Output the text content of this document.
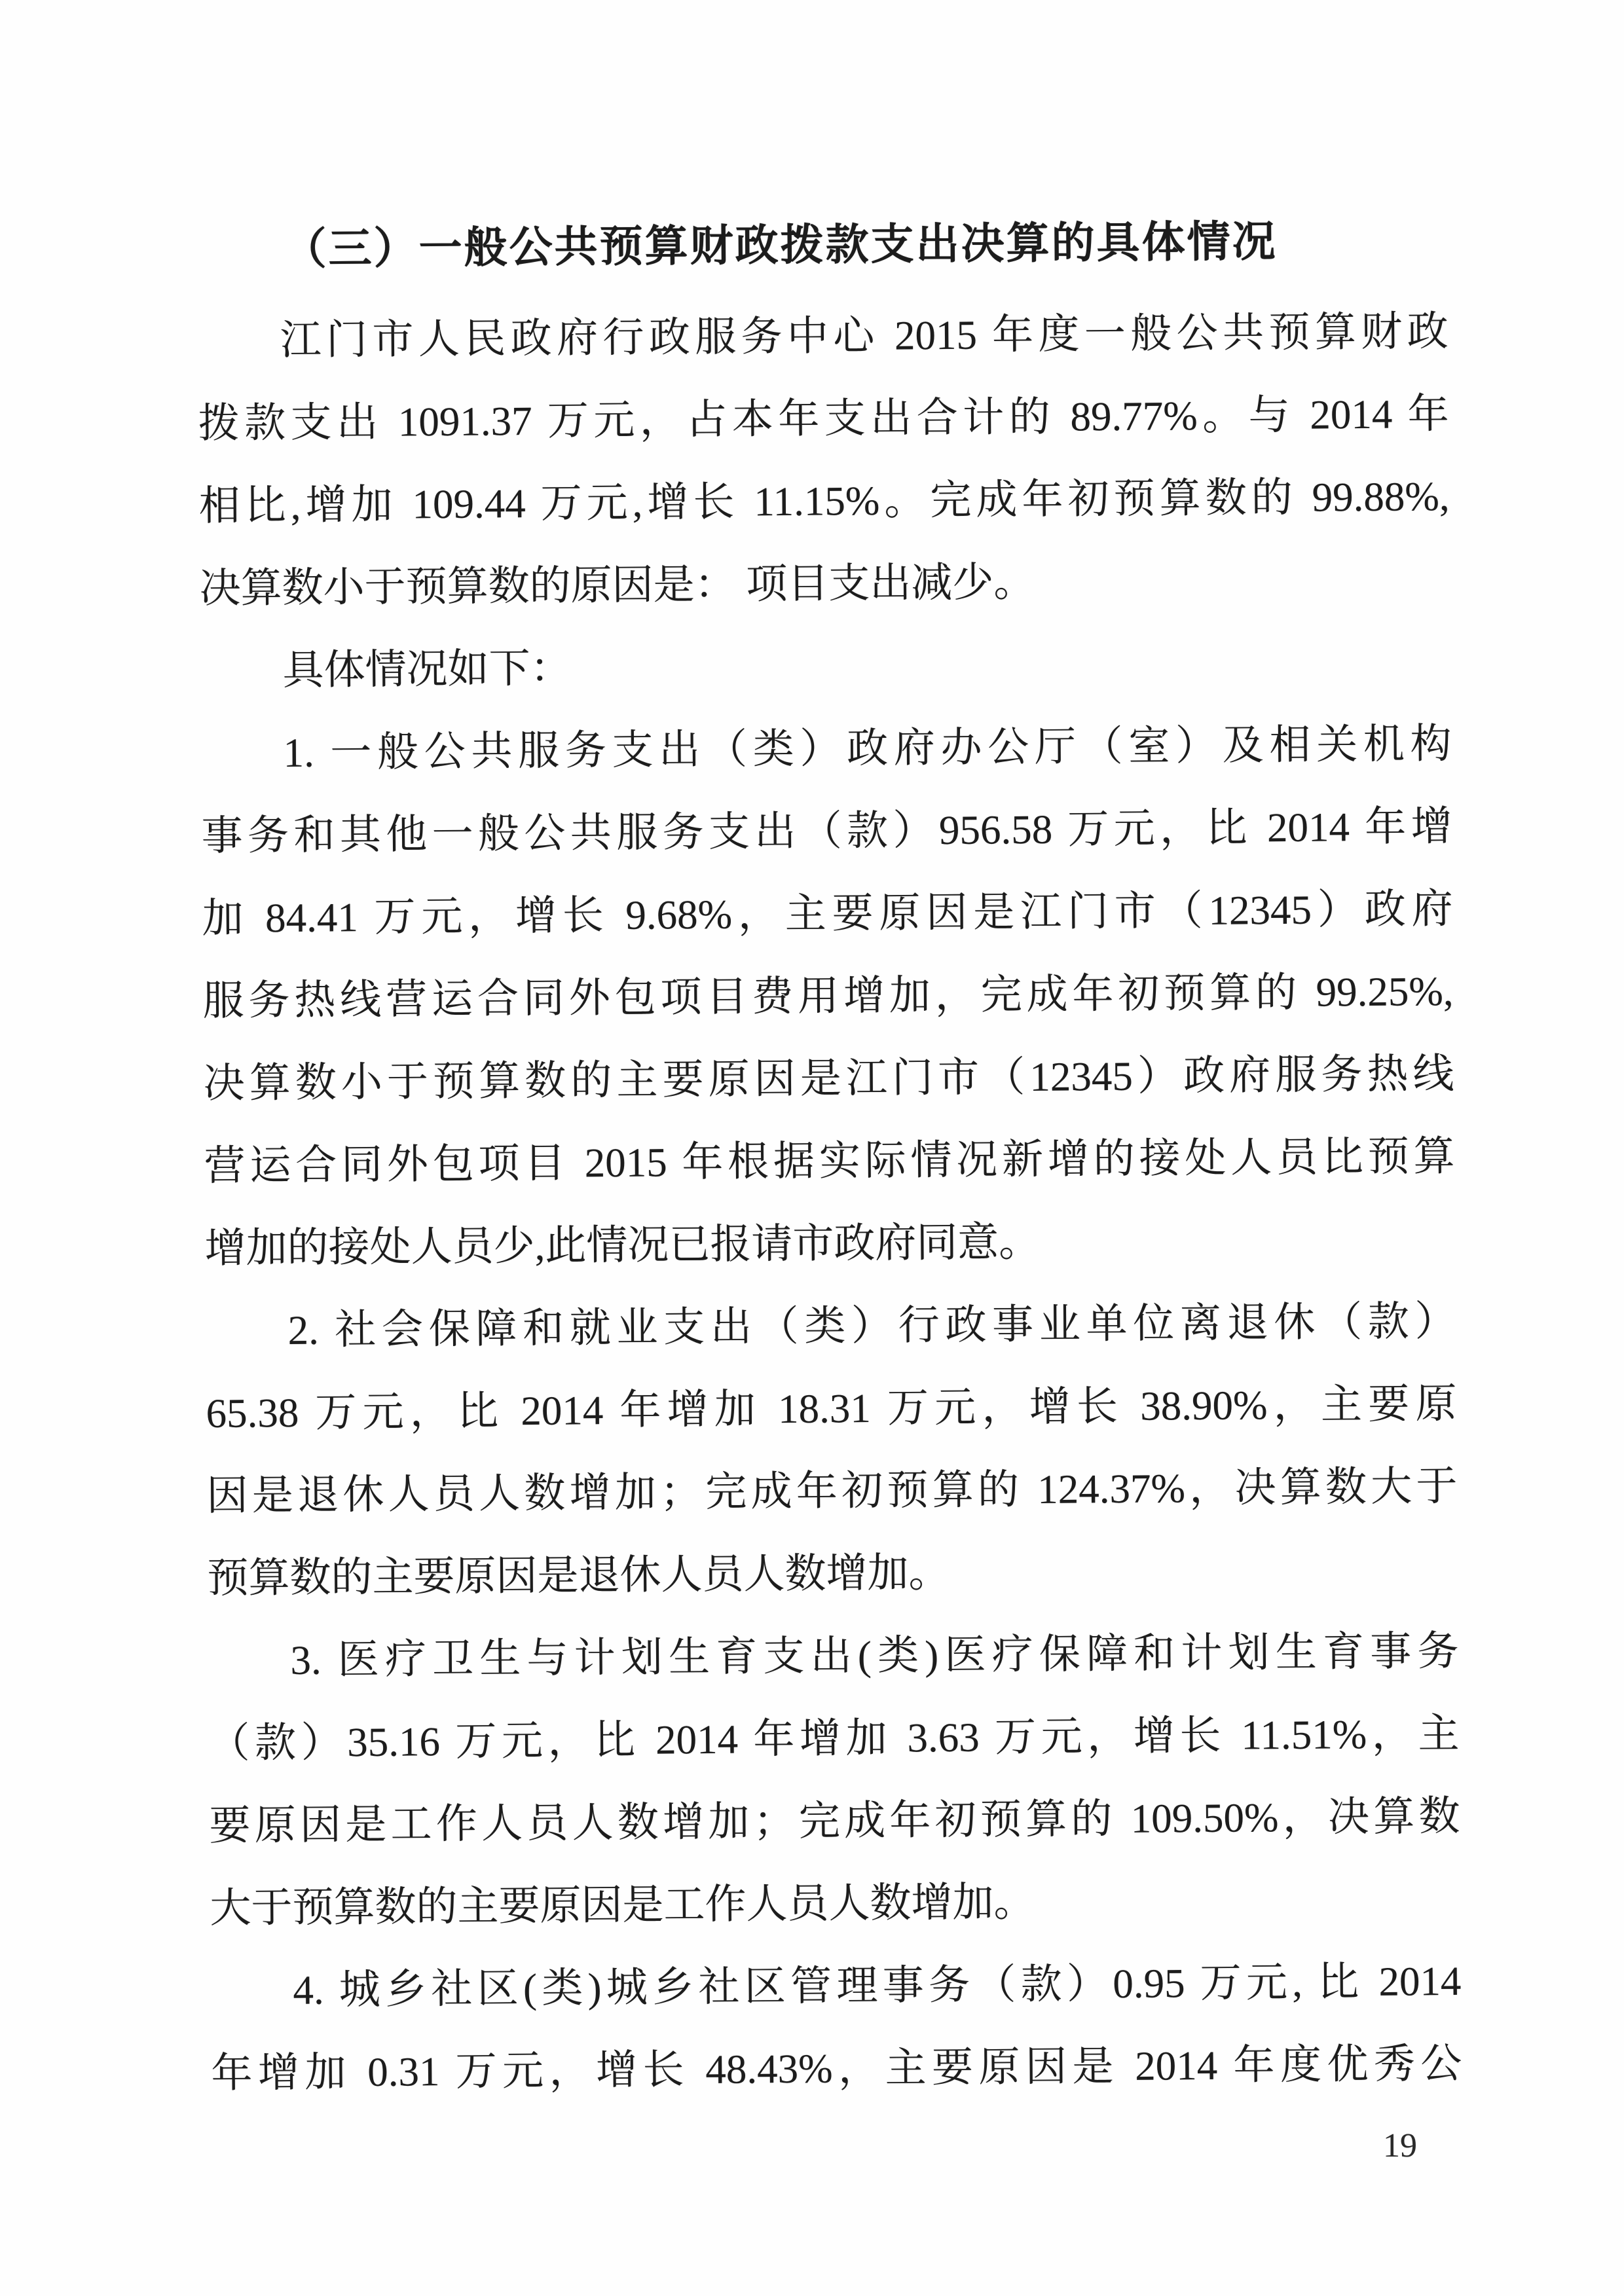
（三）一般公共预算财政拨款支出决算的具体情况
江门市人民政府行政服务中心 2015 年度一般公共预算财政
拨款支出 1091.37 万元，占本年支出合计的 89.77%。与 2014 年
相比,增加 109.44 万元,增长 11.15%。完成年初预算数的 99.88%,
决算数小于预算数的原因是： 项目支出减少。
具体情况如下：
1. 一般公共服务支出（类）政府办公厅（室）及相关机构
事务和其他一般公共服务支出（款）956.58 万元，比 2014 年增
加 84.41 万元，增长 9.68%，主要原因是江门市（12345）政府
服务热线营运合同外包项目费用增加，完成年初预算的 99.25%,
决算数小于预算数的主要原因是江门市（12345）政府服务热线
营运合同外包项目 2015 年根据实际情况新增的接处人员比预算
增加的接处人员少,此情况已报请市政府同意。
2. 社会保障和就业支出（类）行政事业单位离退休（款）
65.38 万元，比 2014 年增加 18.31 万元，增长 38.90%，主要原
因是退休人员人数增加；完成年初预算的 124.37%，决算数大于
预算数的主要原因是退休人员人数增加。
3. 医疗卫生与计划生育支出(类)医疗保障和计划生育事务
（款）35.16 万元，比 2014 年增加 3.63 万元，增长 11.51%，主
要原因是工作人员人数增加；完成年初预算的 109.50%，决算数
大于预算数的主要原因是工作人员人数增加。
4. 城乡社区(类)城乡社区管理事务（款）0.95 万元, 比 2014
年增加 0.31 万元，增长 48.43%，主要原因是 2014 年度优秀公
19
